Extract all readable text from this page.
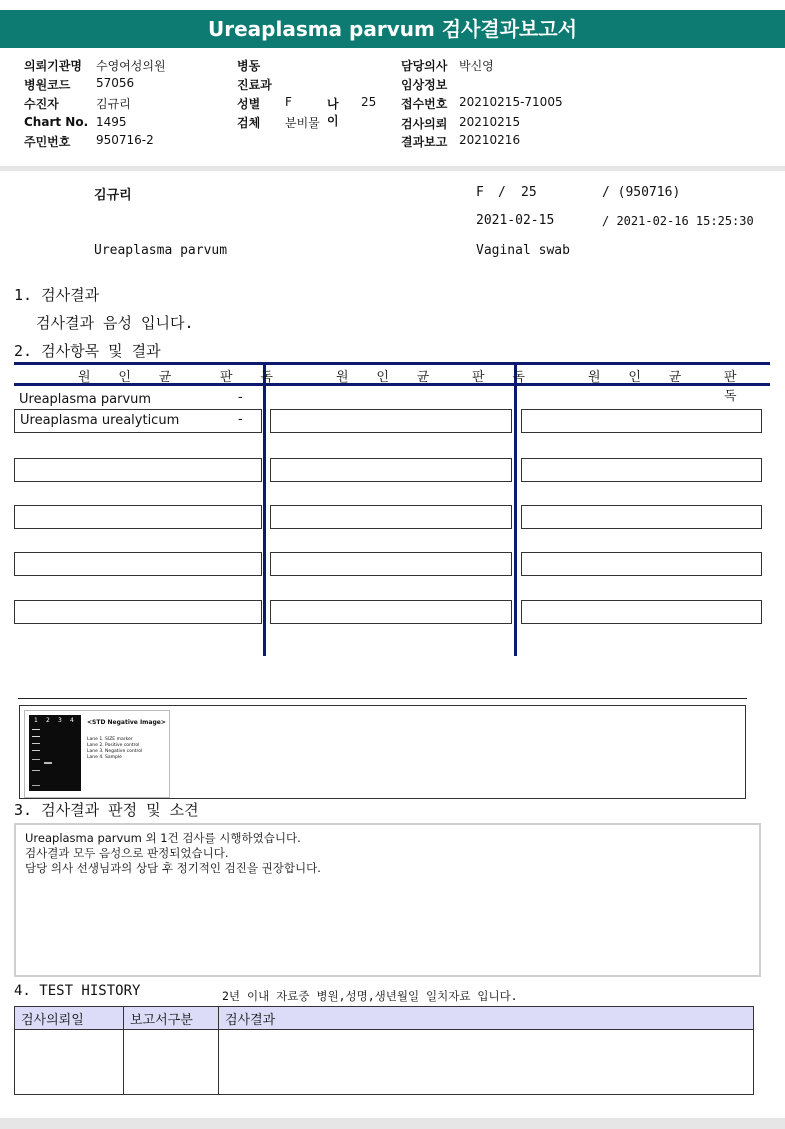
Ureaplasma parvum 검사결과보고서
의뢰기관명 수영여성의원
병원코드 57056
수진자	김규리
Chart No. 1495
주민번호 950716-2
병동
진료과
성별 F	나이
25
검체 분비물
담당의사 박신영
임상정보
접수번호 20210215-71005
검사의뢰 20210215
결과보고 20210216
김규리	F / 25	/ (950716)
2021-02-15	/ 2021-02-16 15:25:30
Ureaplasma parvum	Vaginal swab
1. 검사결과
검사결과 음성 입니다.
2. 검사항목 및 결과
원 인 균	판 독	원 인 균	판 독	원 인 균	판 독
Ureaplasma parvum	-
Ureaplasma urealyticum	-
1 2 3 4 <STD Negative Image>
Lane 1. SIZE marker
Lane 2. Positive control
Lane 3. Negative control
Lane 4. Sample
3. 검사결과 판정 및 소견
Ureaplasma parvum 외 1건 검사를 시행하였습니다.
검사결과 모두 음성으로 판정되었습니다.
담당 의사 선생님과의 상담 후 정기적인 검진을 권장합니다.
4. TEST HISTORY	2년 이내 자료중 병원,성명,생년월일 일치자료 입니다.
검사의뢰일	보고서구분	검사결과
